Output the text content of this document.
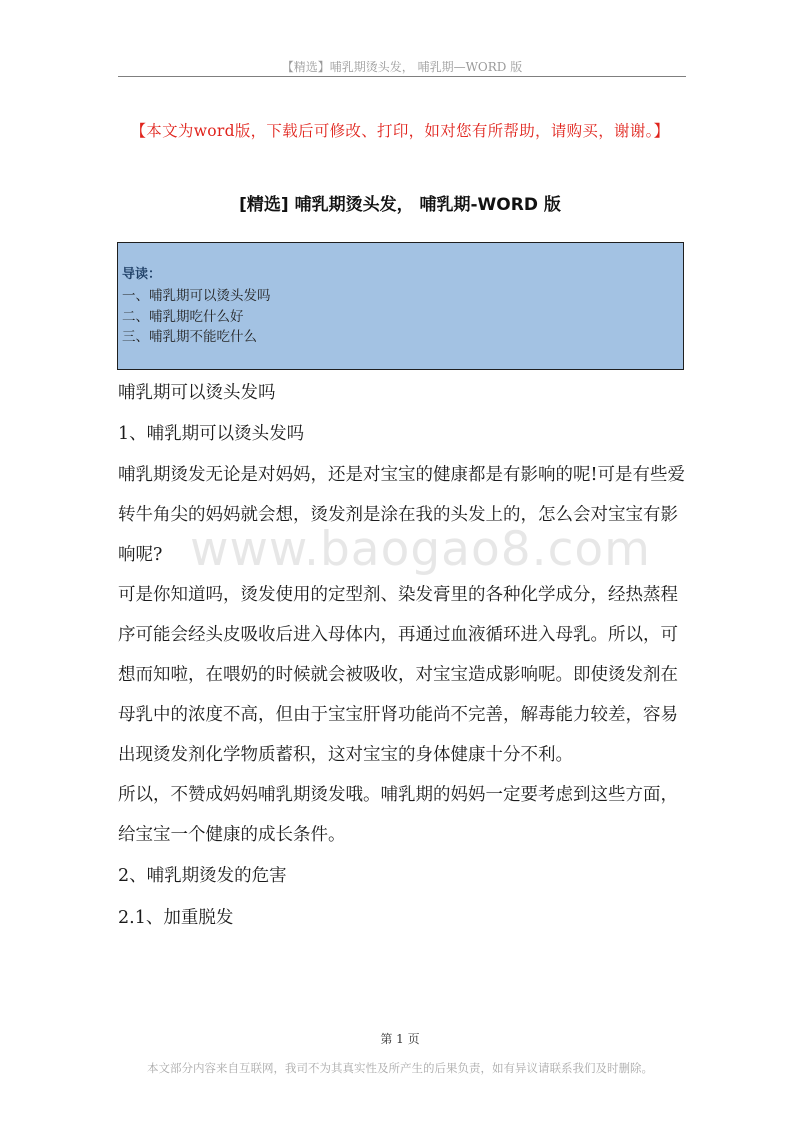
【精选】哺乳期烫头发， 哺乳期—WORD 版
【本文为word版，下载后可修改、打印，如对您有所帮助，请购买，谢谢。】
[精选] 哺乳期烫头发， 哺乳期-WORD 版
导读：
一、哺乳期可以烫头发吗
二、哺乳期吃什么好
三、哺乳期不能吃什么

哺乳期可以烫头发吗

1、哺乳期可以烫头发吗

哺乳期烫发无论是对妈妈，还是对宝宝的健康都是有影响的呢!可是有些爱转牛角尖的妈妈就会想，烫发剂是涂在我的头发上的，怎么会对宝宝有影响呢?

可是你知道吗，烫发使用的定型剂、染发膏里的各种化学成分，经热蒸程序可能会经头皮吸收后进入母体内，再通过血液循环进入母乳。所以，可想而知啦，在喂奶的时候就会被吸收，对宝宝造成影响呢。即使烫发剂在母乳中的浓度不高，但由于宝宝肝肾功能尚不完善，解毒能力较差，容易出现烫发剂化学物质蓄积，这对宝宝的身体健康十分不利。

所以，不赞成妈妈哺乳期烫发哦。哺乳期的妈妈一定要考虑到这些方面，给宝宝一个健康的成长条件。

2、哺乳期烫发的危害

2.1、加重脱发

www.baogao8.com
第 1 页
本文部分内容来自互联网，我司不为其真实性及所产生的后果负责，如有异议请联系我们及时删除。
